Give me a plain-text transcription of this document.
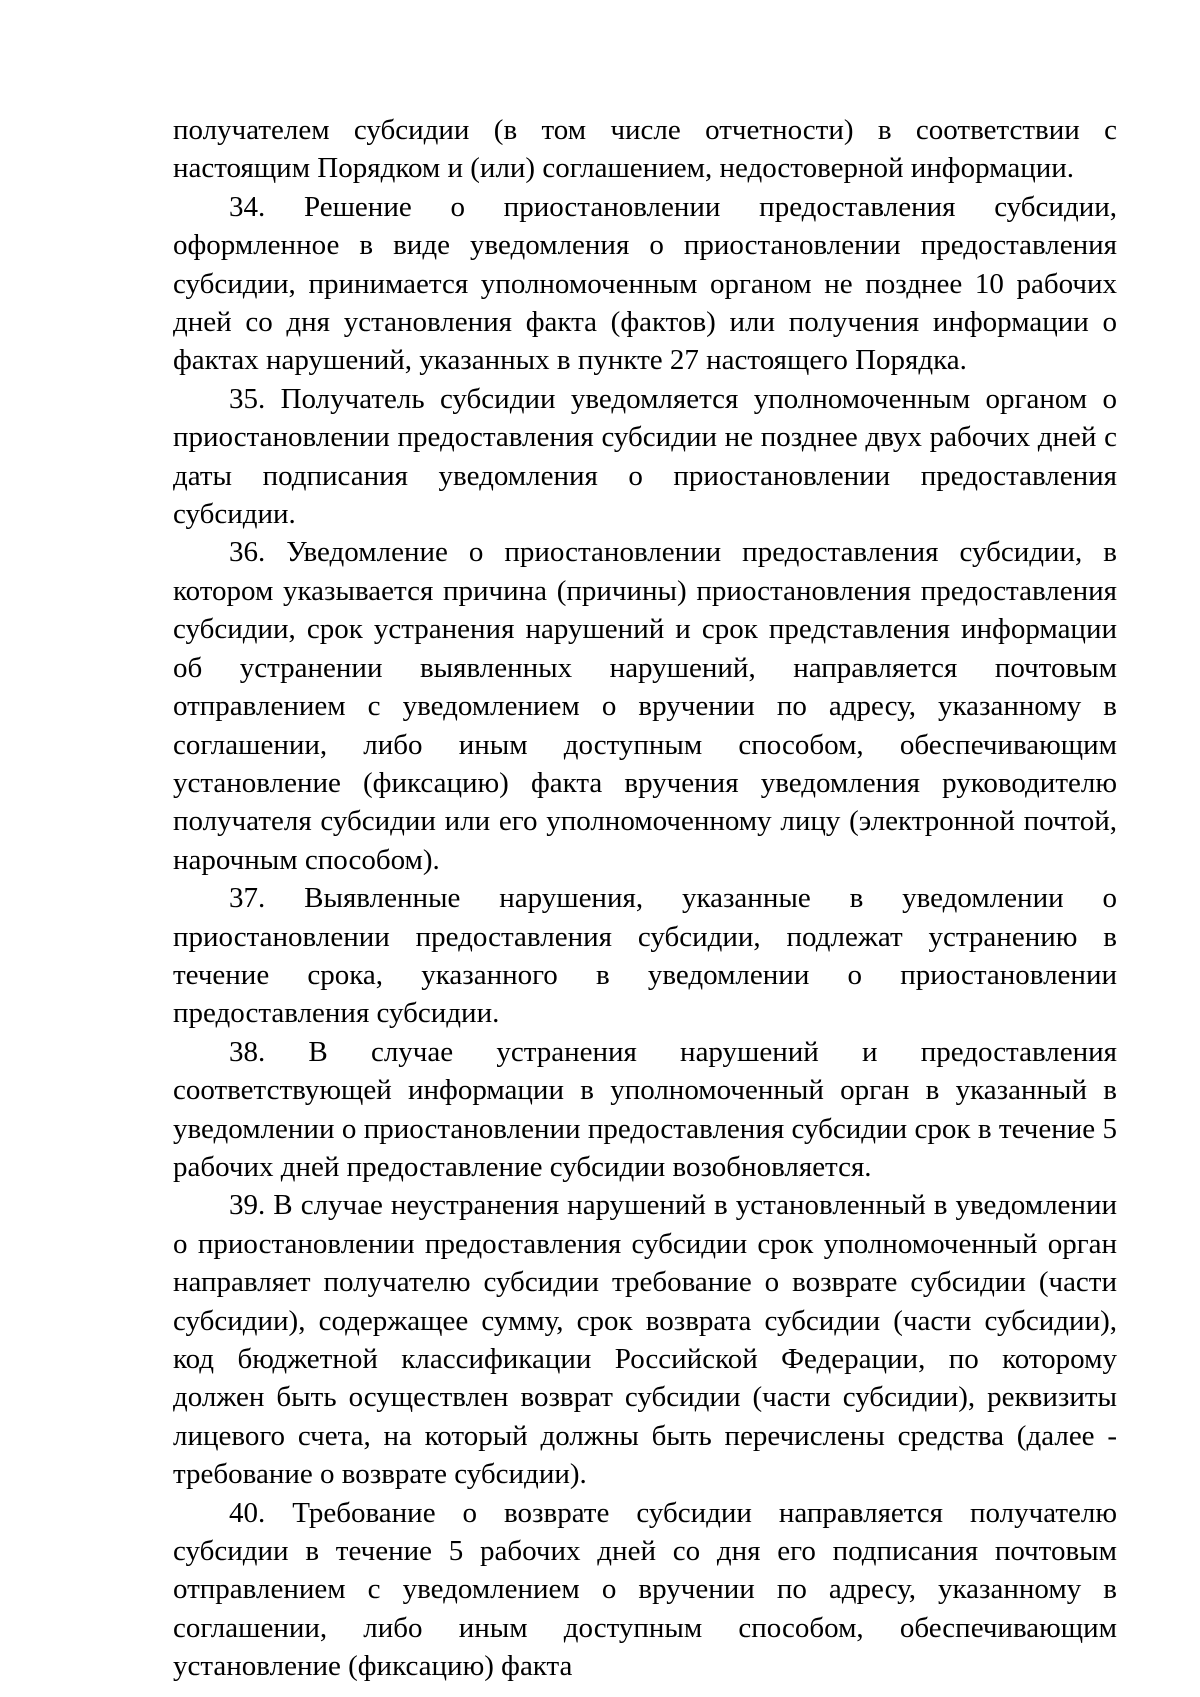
получателем субсидии (в том числе отчетности) в соответствии с настоящим Порядком и (или) соглашением, недостоверной информации.

34. Решение о приостановлении предоставления субсидии, оформленное в виде уведомления о приостановлении предоставления субсидии, принимается уполномоченным органом не позднее 10 рабочих дней со дня установления факта (фактов) или получения информации о фактах нарушений, указанных в пункте 27 настоящего Порядка.

35. Получатель субсидии уведомляется уполномоченным органом о приостановлении предоставления субсидии не позднее двух рабочих дней с даты подписания уведомления о приостановлении предоставления субсидии.

36. Уведомление о приостановлении предоставления субсидии, в котором указывается причина (причины) приостановления предоставления субсидии, срок устранения нарушений и срок представления информации об устранении выявленных нарушений, направляется почтовым отправлением с уведомлением о вручении по адресу, указанному в соглашении, либо иным доступным способом, обеспечивающим установление (фиксацию) факта вручения уведомления руководителю получателя субсидии или его уполномоченному лицу (электронной почтой, нарочным способом).

37. Выявленные нарушения, указанные в уведомлении о приостановлении предоставления субсидии, подлежат устранению в течение срока, указанного в уведомлении о приостановлении предоставления субсидии.

38. В случае устранения нарушений и предоставления соответствующей информации в уполномоченный орган в указанный в уведомлении о приостановлении предоставления субсидии срок в течение 5 рабочих дней предоставление субсидии возобновляется.

39. В случае неустранения нарушений в установленный в уведомлении о приостановлении предоставления субсидии срок уполномоченный орган направляет получателю субсидии требование о возврате субсидии (части субсидии), содержащее сумму, срок возврата субсидии (части субсидии), код бюджетной классификации Российской Федерации, по которому должен быть осуществлен возврат субсидии (части субсидии), реквизиты лицевого счета, на который должны быть перечислены средства (далее - требование о возврате субсидии).

40. Требование о возврате субсидии направляется получателю субсидии в течение 5 рабочих дней со дня его подписания почтовым отправлением с уведомлением о вручении по адресу, указанному в соглашении, либо иным доступным способом, обеспечивающим установление (фиксацию) факта
